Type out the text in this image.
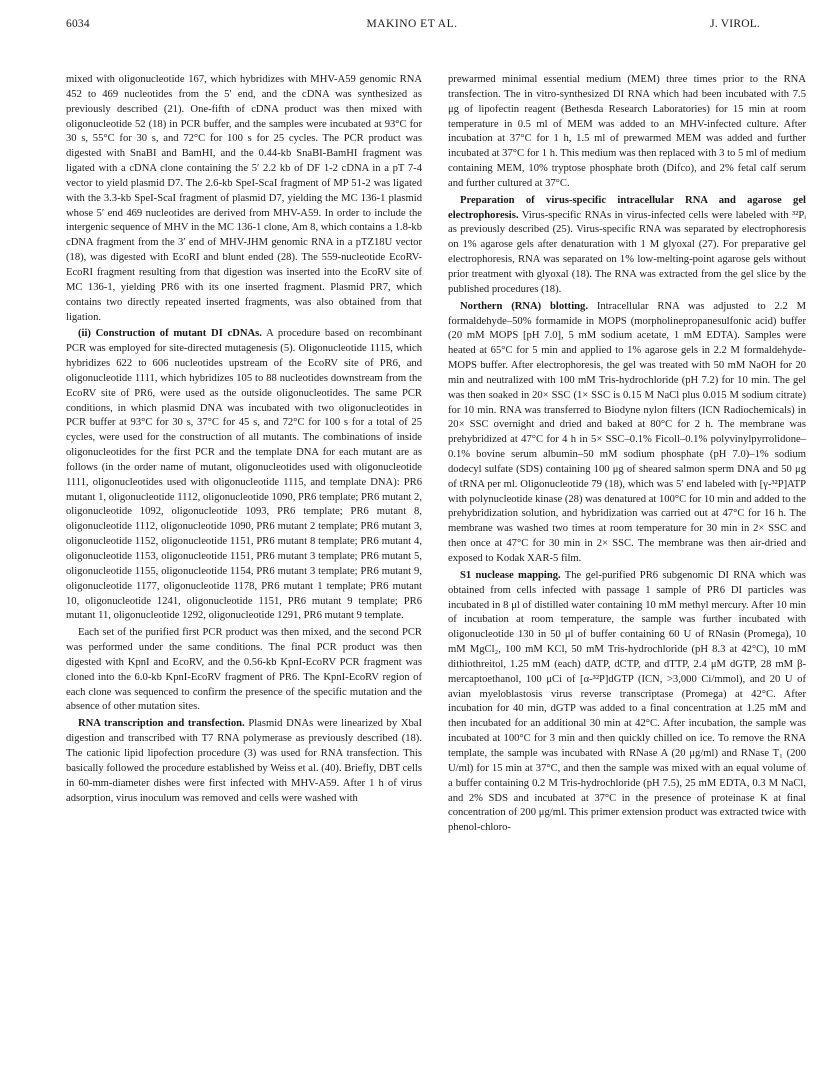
6034	MAKINO ET AL.	J. VIROL.

mixed with oligonucleotide 167, which hybridizes with MHV-A59 genomic RNA 452 to 469 nucleotides from the 5′ end, and the cDNA was synthesized as previously described (21). One-fifth of cDNA product was then mixed with oligonucleotide 52 (18) in PCR buffer, and the samples were incubated at 93°C for 30 s, 55°C for 30 s, and 72°C for 100 s for 25 cycles. The PCR product was digested with SnaBI and BamHI, and the 0.44-kb SnaBI-BamHI fragment was ligated with a cDNA clone containing the 5′ 2.2 kb of DF 1-2 cDNA in a pT 7-4 vector to yield plasmid D7. The 2.6-kb SpeI-ScaI fragment of MP 51-2 was ligated with the 3.3-kb SpeI-ScaI fragment of plasmid D7, yielding the MC 136-1 plasmid whose 5′ end 469 nucleotides are derived from MHV-A59. In order to include the intergenic sequence of MHV in the MC 136-1 clone, Am 8, which contains a 1.8-kb cDNA fragment from the 3′ end of MHV-JHM genomic RNA in a pTZ18U vector (18), was digested with EcoRI and blunt ended (28). The 559-nucleotide EcoRV-EcoRI fragment resulting from that digestion was inserted into the EcoRV site of MC 136-1, yielding PR6 with its one inserted fragment. Plasmid PR7, which contains two directly repeated inserted fragments, was also obtained from that ligation.

(ii) Construction of mutant DI cDNAs. A procedure based on recombinant PCR was employed for site-directed mutagenesis (5). Oligonucleotide 1115, which hybridizes 622 to 606 nucleotides upstream of the EcoRV site of PR6, and oligonucleotide 1111, which hybridizes 105 to 88 nucleotides downstream from the EcoRV site of PR6, were used as the outside oligonucleotides. The same PCR conditions, in which plasmid DNA was incubated with two oligonucleotides in PCR buffer at 93°C for 30 s, 37°C for 45 s, and 72°C for 100 s for a total of 25 cycles, were used for the construction of all mutants. The combinations of inside oligonucleotides for the first PCR and the template DNA for each mutant are as follows (in the order name of mutant, oligonucleotides used with oligonucleotide 1111, oligonucleotides used with oligonucleotide 1115, and template DNA): PR6 mutant 1, oligonucleotide 1112, oligonucleotide 1090, PR6 template; PR6 mutant 2, oligonucleotide 1092, oligonucleotide 1093, PR6 template; PR6 mutant 8, oligonucleotide 1112, oligonucleotide 1090, PR6 mutant 2 template; PR6 mutant 3, oligonucleotide 1152, oligonucleotide 1151, PR6 mutant 8 template; PR6 mutant 4, oligonucleotide 1153, oligonucleotide 1151, PR6 mutant 3 template; PR6 mutant 5, oligonucleotide 1155, oligonucleotide 1154, PR6 mutant 3 template; PR6 mutant 9, oligonucleotide 1177, oligonucleotide 1178, PR6 mutant 1 template; PR6 mutant 10, oligonucleotide 1241, oligonucleotide 1151, PR6 mutant 9 template; PR6 mutant 11, oligonucleotide 1292, oligonucleotide 1291, PR6 mutant 9 template.

Each set of the purified first PCR product was then mixed, and the second PCR was performed under the same conditions. The final PCR product was then digested with KpnI and EcoRV, and the 0.56-kb KpnI-EcoRV PCR fragment was cloned into the 6.0-kb KpnI-EcoRV fragment of PR6. The KpnI-EcoRV region of each clone was sequenced to confirm the presence of the specific mutation and the absence of other mutation sites.

RNA transcription and transfection. Plasmid DNAs were linearized by XbaI digestion and transcribed with T7 RNA polymerase as previously described (18). The cationic lipid lipofection procedure (3) was used for RNA transfection. This basically followed the procedure established by Weiss et al. (40). Briefly, DBT cells in 60-mm-diameter dishes were first infected with MHV-A59. After 1 h of virus adsorption, virus inoculum was removed and cells were washed with

prewarmed minimal essential medium (MEM) three times prior to the RNA transfection. The in vitro-synthesized DI RNA which had been incubated with 7.5 μg of lipofectin reagent (Bethesda Research Laboratories) for 15 min at room temperature in 0.5 ml of MEM was added to an MHV-infected culture. After incubation at 37°C for 1 h, 1.5 ml of prewarmed MEM was added and further incubated at 37°C for 1 h. This medium was then replaced with 3 to 5 ml of medium containing MEM, 10% tryptose phosphate broth (Difco), and 2% fetal calf serum and further cultured at 37°C.

Preparation of virus-specific intracellular RNA and agarose gel electrophoresis. Virus-specific RNAs in virus-infected cells were labeled with ³²Pᵢ as previously described (25). Virus-specific RNA was separated by electrophoresis on 1% agarose gels after denaturation with 1 M glyoxal (27). For preparative gel electrophoresis, RNA was separated on 1% low-melting-point agarose gels without prior treatment with glyoxal (18). The RNA was extracted from the gel slice by the published procedures (18).

Northern (RNA) blotting. Intracellular RNA was adjusted to 2.2 M formaldehyde–50% formamide in MOPS (morpholinepropanesulfonic acid) buffer (20 mM MOPS [pH 7.0], 5 mM sodium acetate, 1 mM EDTA). Samples were heated at 65°C for 5 min and applied to 1% agarose gels in 2.2 M formaldehyde-MOPS buffer. After electrophoresis, the gel was treated with 50 mM NaOH for 20 min and neutralized with 100 mM Tris-hydrochloride (pH 7.2) for 10 min. The gel was then soaked in 20× SSC (1× SSC is 0.15 M NaCl plus 0.015 M sodium citrate) for 10 min. RNA was transferred to Biodyne nylon filters (ICN Radiochemicals) in 20× SSC overnight and dried and baked at 80°C for 2 h. The membrane was prehybridized at 47°C for 4 h in 5× SSC–0.1% Ficoll–0.1% polyvinylpyrrolidone–0.1% bovine serum albumin–50 mM sodium phosphate (pH 7.0)–1% sodium dodecyl sulfate (SDS) containing 100 μg of sheared salmon sperm DNA and 50 μg of tRNA per ml. Oligonucleotide 79 (18), which was 5′ end labeled with [γ-³²P]ATP with polynucleotide kinase (28) was denatured at 100°C for 10 min and added to the prehybridization solution, and hybridization was carried out at 47°C for 16 h. The membrane was washed two times at room temperature for 30 min in 2× SSC and then once at 47°C for 30 min in 2× SSC. The membrane was then air-dried and exposed to Kodak XAR-5 film.

S1 nuclease mapping. The gel-purified PR6 subgenomic DI RNA which was obtained from cells infected with passage 1 sample of PR6 DI particles was incubated in 8 μl of distilled water containing 10 mM methyl mercury. After 10 min of incubation at room temperature, the sample was further incubated with oligonucleotide 130 in 50 μl of buffer containing 60 U of RNasin (Promega), 10 mM MgCl₂, 100 mM KCl, 50 mM Tris-hydrochloride (pH 8.3 at 42°C), 10 mM dithiothreitol, 1.25 mM (each) dATP, dCTP, and dTTP, 2.4 μM dGTP, 28 mM β-mercaptoethanol, 100 μCi of [α-³²P]dGTP (ICN, >3,000 Ci/mmol), and 20 U of avian myeloblastosis virus reverse transcriptase (Promega) at 42°C. After incubation for 40 min, dGTP was added to a final concentration at 1.25 mM and then incubated for an additional 30 min at 42°C. After incubation, the sample was incubated at 100°C for 3 min and then quickly chilled on ice. To remove the RNA template, the sample was incubated with RNase A (20 μg/ml) and RNase T₁ (200 U/ml) for 15 min at 37°C, and then the sample was mixed with an equal volume of a buffer containing 0.2 M Tris-hydrochloride (pH 7.5), 25 mM EDTA, 0.3 M NaCl, and 2% SDS and incubated at 37°C in the presence of proteinase K at final concentration of 200 μg/ml. This primer extension product was extracted twice with phenol-chloro-
